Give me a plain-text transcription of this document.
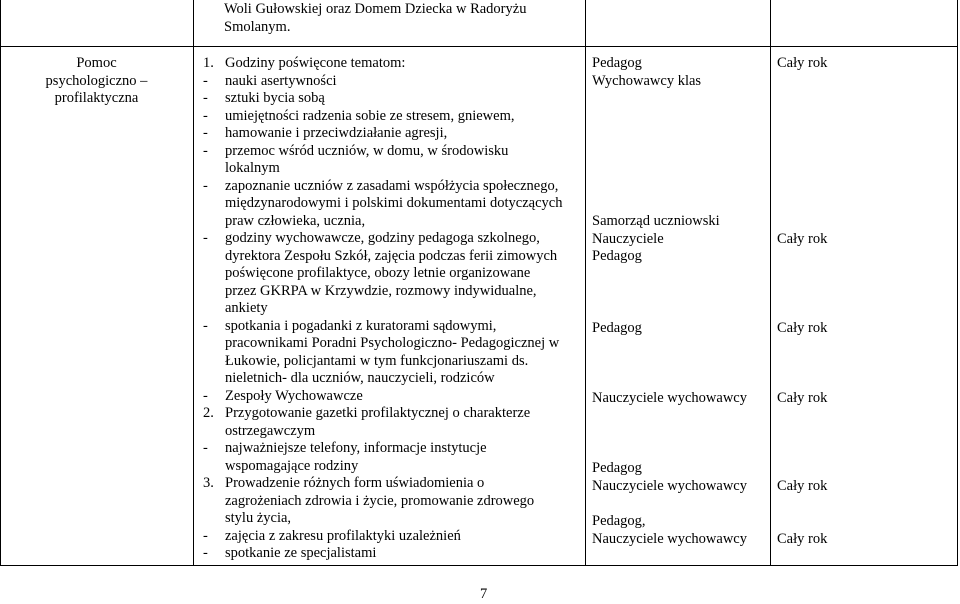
Woli Gułowskiej oraz Domem Dziecka w Radoryżu
Smolanym.
Pomoc
psychologiczno –
profilaktyczna
1. Godziny poświęcone tematom:
- nauki asertywności
- sztuki bycia sobą
- umiejętności radzenia sobie ze stresem, gniewem,
- hamowanie i przeciwdziałanie agresji,
- przemoc wśród uczniów, w domu, w środowisku
lokalnym
- zapoznanie uczniów z zasadami współżycia społecznego,
międzynarodowymi i polskimi dokumentami dotyczących
praw człowieka, ucznia,
- godziny wychowawcze, godziny pedagoga szkolnego,
dyrektora Zespołu Szkół, zajęcia podczas ferii zimowych
poświęcone profilaktyce, obozy letnie organizowane
przez GKRPA w Krzywdzie, rozmowy indywidualne,
ankiety
- spotkania i pogadanki z kuratorami sądowymi,
pracownikami Poradni Psychologiczno- Pedagogicznej w
Łukowie, policjantami w tym funkcjonariuszami ds.
nieletnich- dla uczniów, nauczycieli, rodziców
- Zespoły Wychowawcze
2. Przygotowanie gazetki profilaktycznej o charakterze
ostrzegawczym
- najważniejsze telefony, informacje instytucje
wspomagające rodziny
3. Prowadzenie różnych form uświadomienia o
zagrożeniach zdrowia i życie, promowanie zdrowego
stylu życia,
- zajęcia z zakresu profilaktyki uzależnień
- spotkanie ze specjalistami
Pedagog
Wychowawcy klas
Samorząd uczniowski
Nauczyciele
Pedagog
Pedagog
Nauczyciele wychowawcy
Pedagog
Nauczyciele wychowawcy
Pedagog,
Nauczyciele wychowawcy
Cały rok
Cały rok
Cały rok
Cały rok
Cały rok
Cały rok
7
